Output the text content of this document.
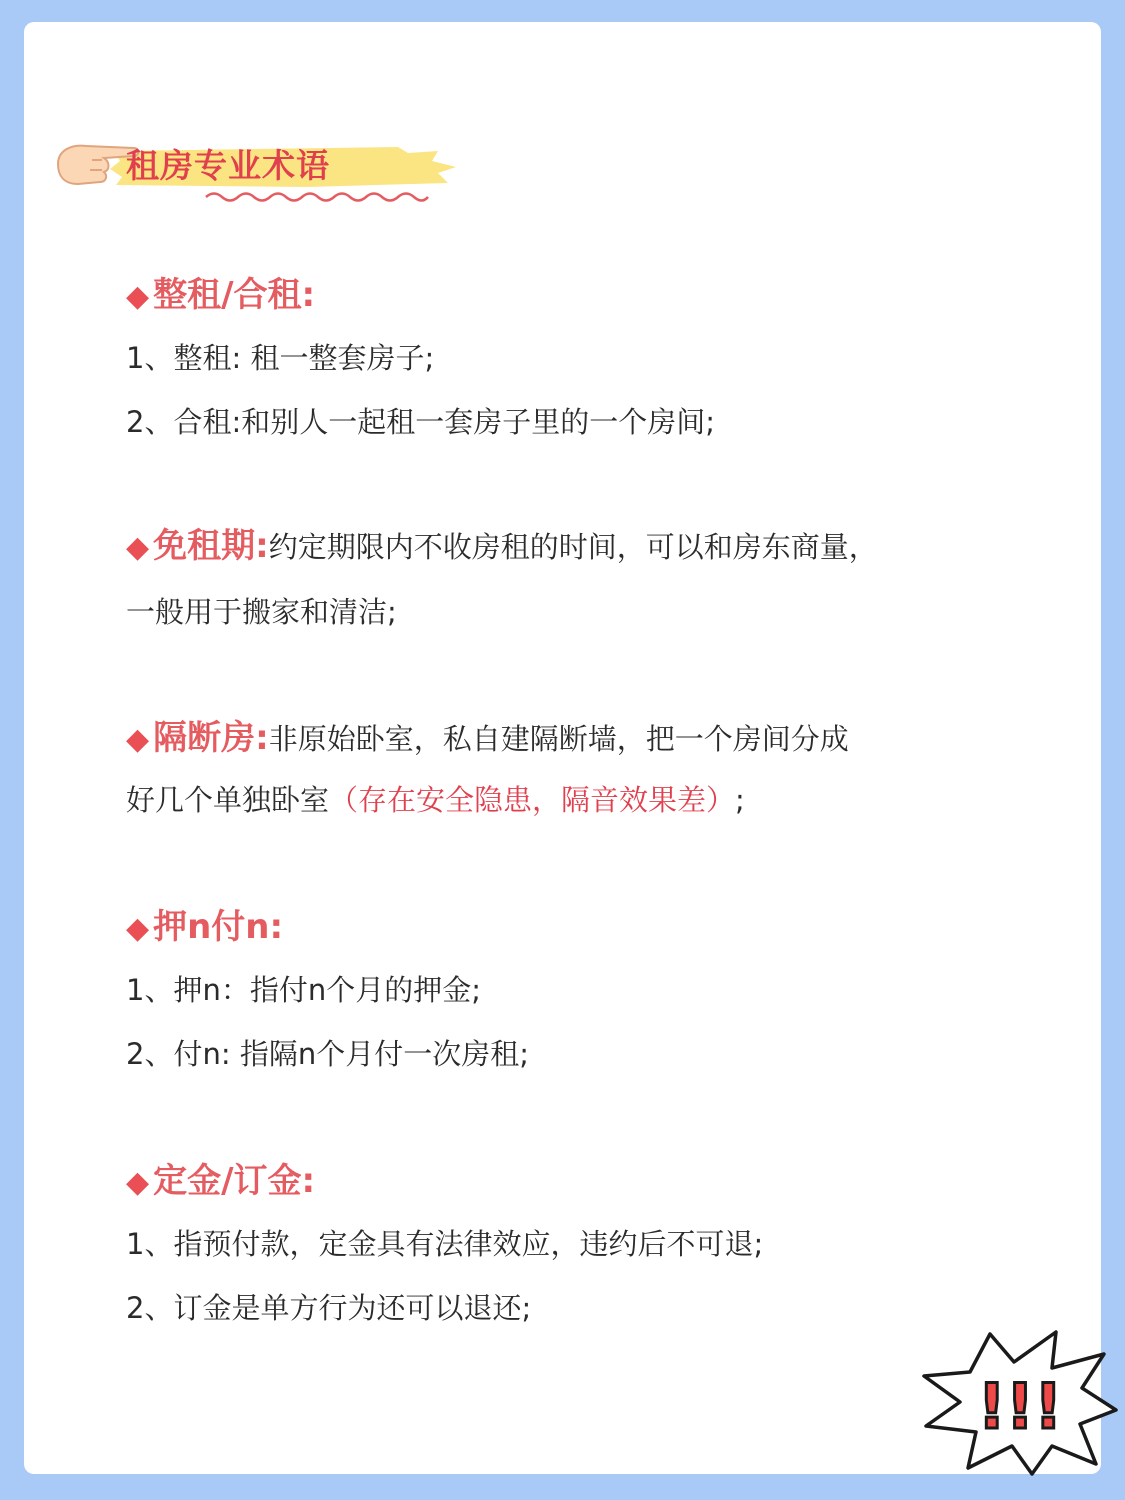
租房专业术语
◆ 整租/合租:
1、整租: 租一整套房子;
2、合租:和别人一起租一套房子里的一个房间;
◆ 免租期:约定期限内不收房租的时间，可以和房东商量，
一般用于搬家和清洁;
◆ 隔断房:非原始卧室，私自建隔断墙，把一个房间分成
好几个单独卧室（存在安全隐患，隔音效果差）;
◆ 押n付n:
1、押n：指付n个月的押金;
2、付n: 指隔n个月付一次房租;
◆ 定金/订金:
1、指预付款，定金具有法律效应，违约后不可退;
2、订金是单方行为还可以退还;
!!!
